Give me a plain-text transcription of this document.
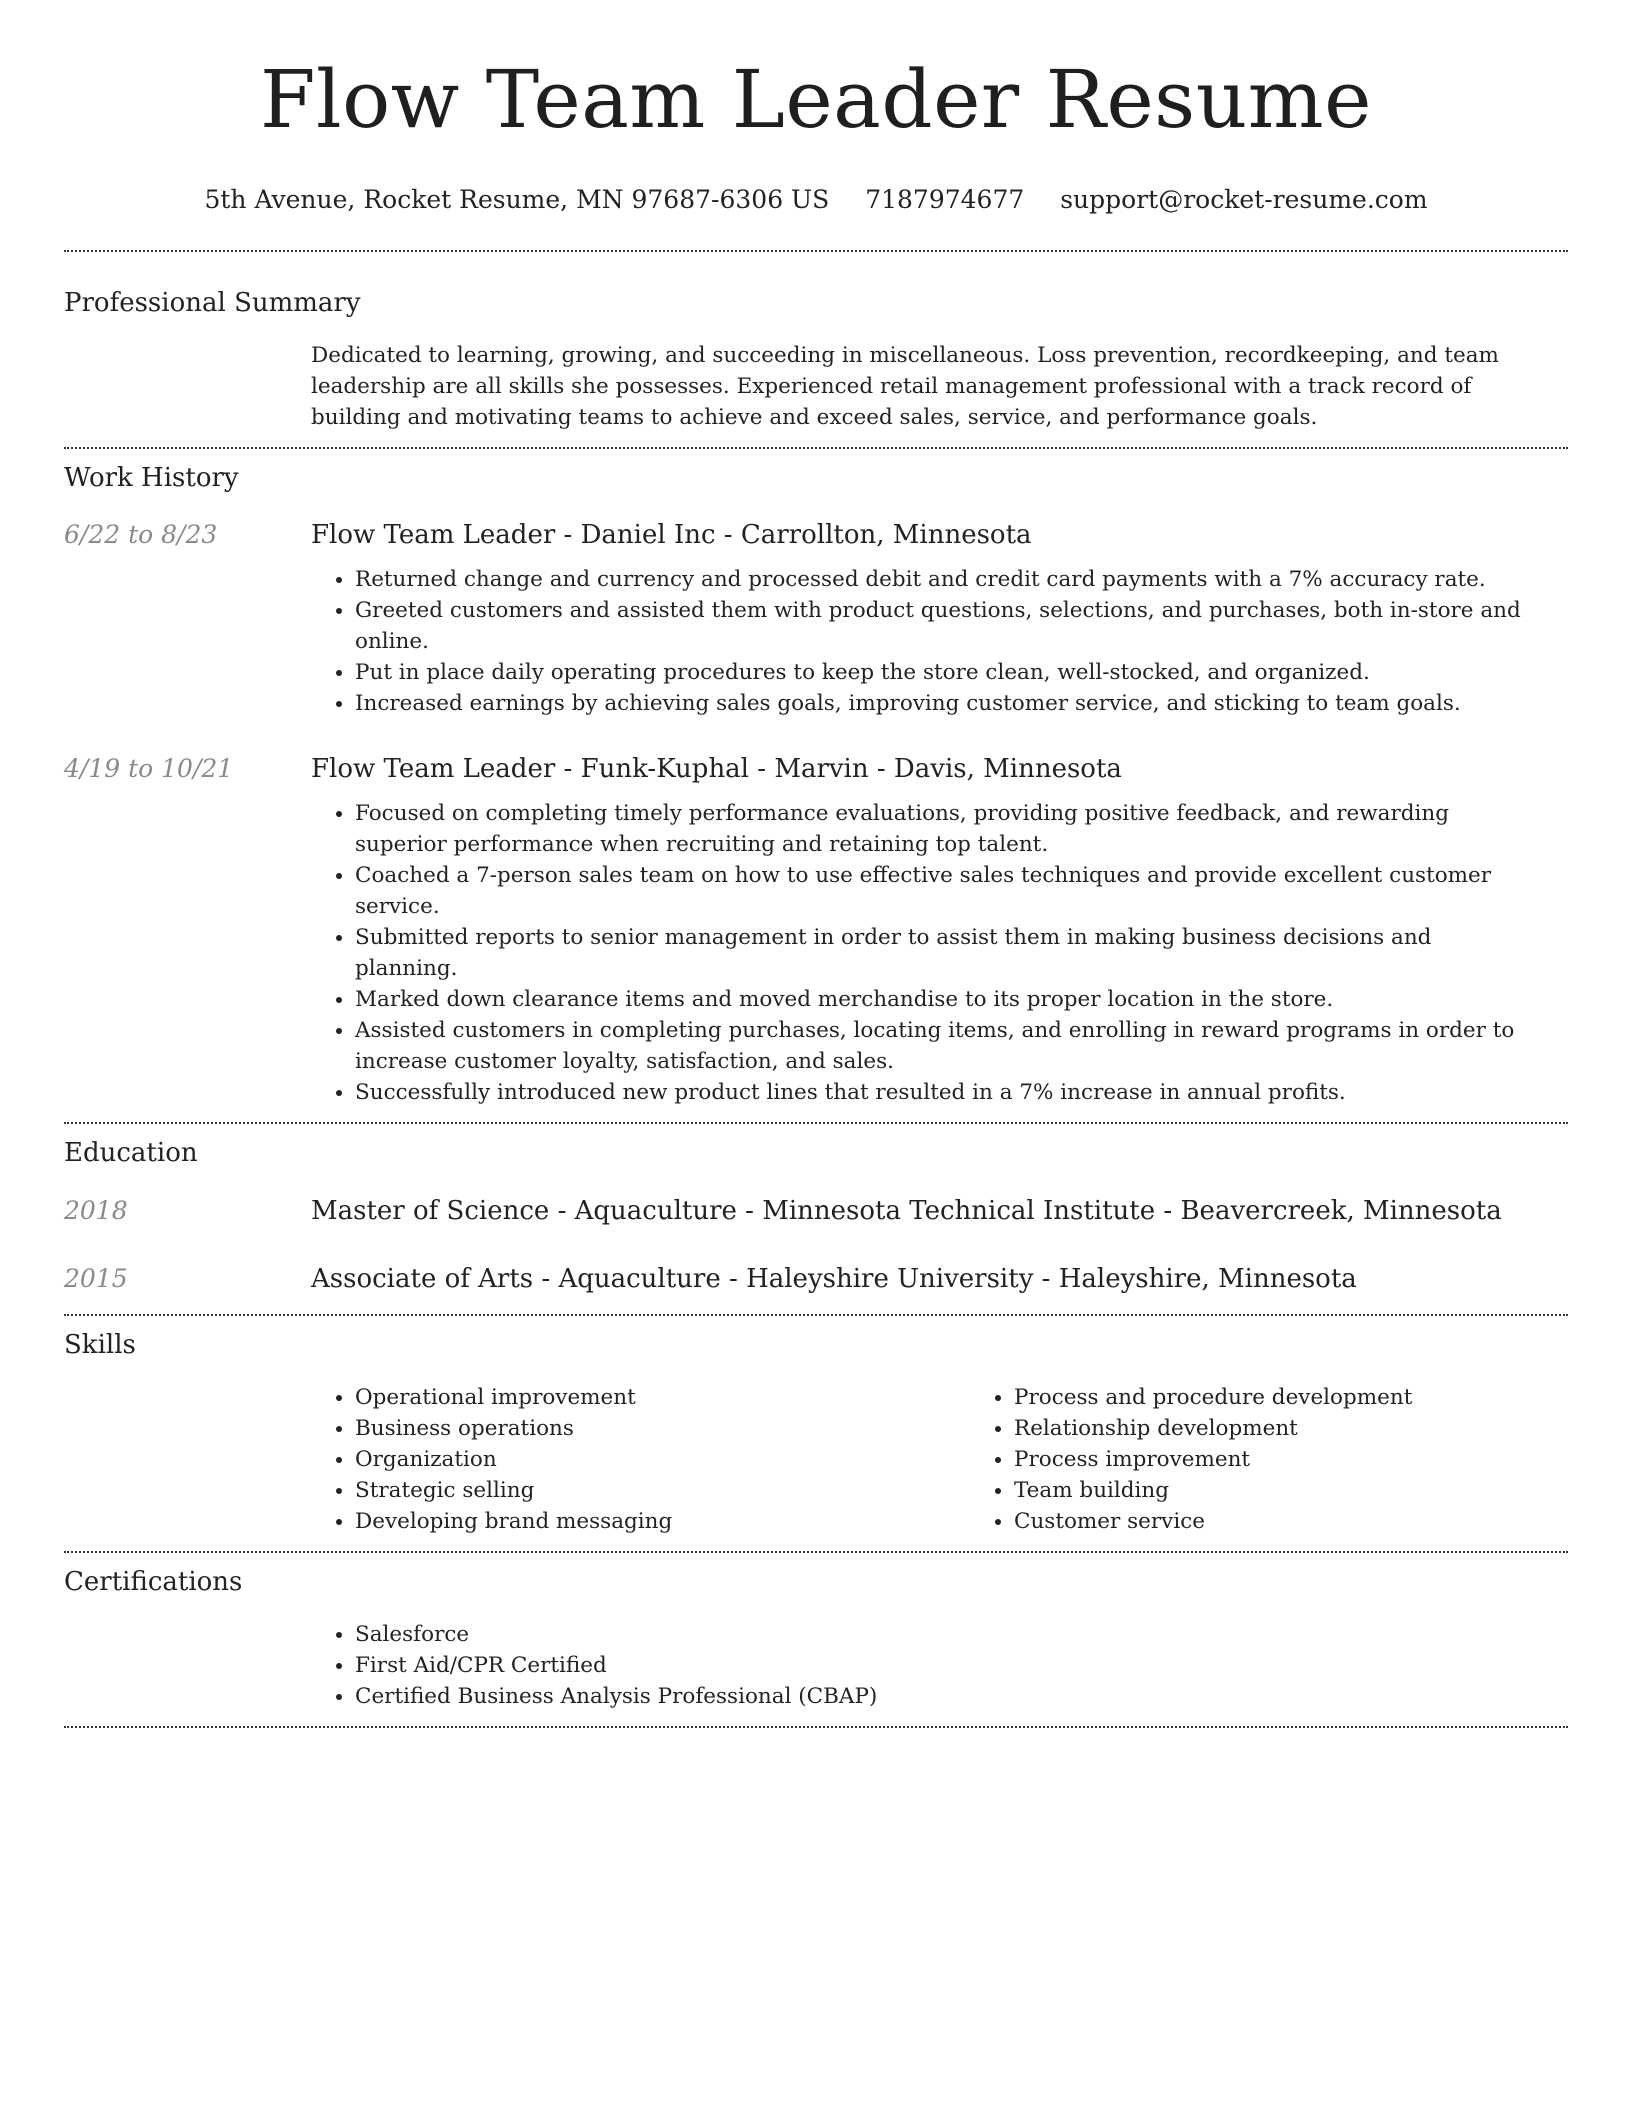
Flow Team Leader Resume
5th Avenue, Rocket Resume, MN 97687-6306 US 7187974677 support@rocket-resume.com
Professional Summary

Dedicated to learning, growing, and succeeding in miscellaneous. Loss prevention, recordkeeping, and team leadership are all skills she possesses. Experienced retail management professional with a track record of building and motivating teams to achieve and exceed sales, service, and performance goals.

Work History
6/22 to 8/23	Flow Team Leader - Daniel Inc - Carrollton, Minnesota
• Returned change and currency and processed debit and credit card payments with a 7% accuracy rate.
• Greeted customers and assisted them with product questions, selections, and purchases, both in-store and online.
• Put in place daily operating procedures to keep the store clean, well-stocked, and organized.
• Increased earnings by achieving sales goals, improving customer service, and sticking to team goals.
4/19 to 10/21	Flow Team Leader - Funk-Kuphal - Marvin - Davis, Minnesota
• Focused on completing timely performance evaluations, providing positive feedback, and rewarding superior performance when recruiting and retaining top talent.
• Coached a 7-person sales team on how to use effective sales techniques and provide excellent customer service.
• Submitted reports to senior management in order to assist them in making business decisions and planning.
• Marked down clearance items and moved merchandise to its proper location in the store.
• Assisted customers in completing purchases, locating items, and enrolling in reward programs in order to increase customer loyalty, satisfaction, and sales.
• Successfully introduced new product lines that resulted in a 7% increase in annual profits.
Education
2018	Master of Science - Aquaculture - Minnesota Technical Institute - Beavercreek, Minnesota
2015	Associate of Arts - Aquaculture - Haleyshire University - Haleyshire, Minnesota
Skills
• Operational improvement
• Business operations
• Organization
• Strategic selling
• Developing brand messaging
• Process and procedure development
• Relationship development
• Process improvement
• Team building
• Customer service
Certifications
• Salesforce
• First Aid/CPR Certified
• Certified Business Analysis Professional (CBAP)
